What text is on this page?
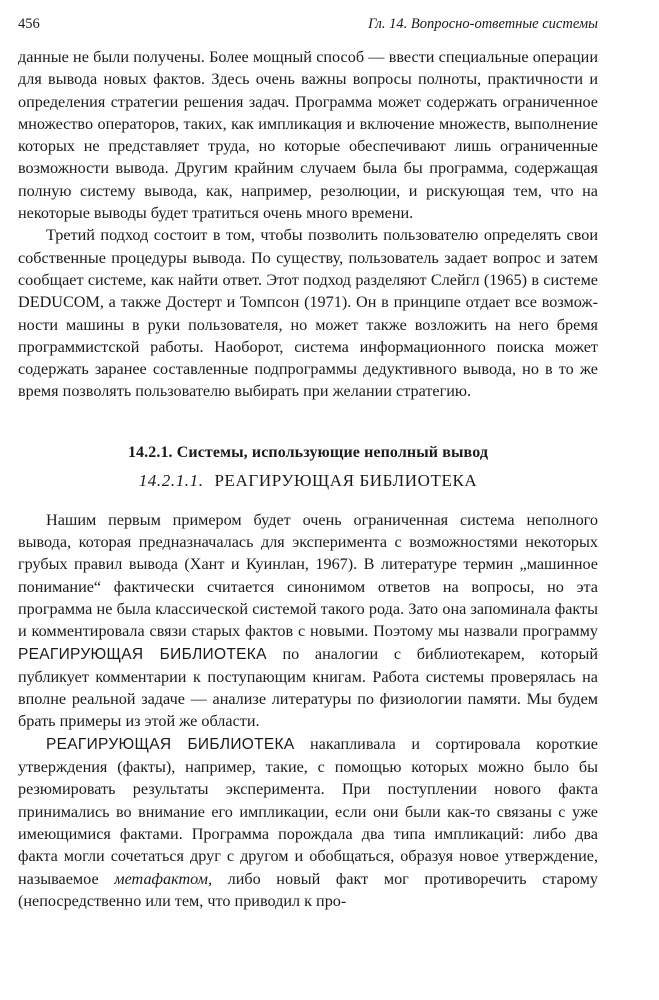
456	Гл. 14. Вопросно-ответные системы

данные не были получены. Более мощный способ — ввести специальные операции для вывода новых фактов. Здесь очень важны вопросы полноты, практичности и определения стратегии решения задач. Программа может содержать ограниченное множество операторов, таких, как импликация и включение множеств, выполнение которых не представляет труда, но которые обеспечивают лишь ограниченные возможности вывода. Другим крайним случаем была бы программа, содержащая полную систему вывода, как, например, резолюции, и рискующая тем, что на некоторые выводы будет тратиться очень много времени.

Третий подход состоит в том, чтобы позволить пользователю определять свои собственные процедуры вывода. По существу, пользователь задает вопрос и затем сообщает системе, как найти ответ. Этот подход разделяют Слейгл (1965) в системе DEDUCOM, а также Достерт и Томпсон (1971). Он в принципе отдает все возможности машины в руки пользователя, но может также возложить на него бремя программистской работы. Наоборот, система информационного поиска может содержать заранее составленные подпрограммы дедуктивного вывода, но в то же время позволять пользователю выбирать при желании стратегию.

14.2.1. Системы, использующие неполный вывод
14.2.1.1. РЕАГИРУЮЩАЯ БИБЛИОТЕКА

Нашим первым примером будет очень ограниченная система неполного вывода, которая предназначалась для эксперимента с возможностями некоторых грубых правил вывода (Хант и Куинлан, 1967). В литературе термин „машинное понимание“ фактически считается синонимом ответов на вопросы, но эта программа не была классической системой такого рода. Зато она запоминала факты и комментировала связи старых фактов с новыми. Поэтому мы назвали программу РЕАГИРУЮЩАЯ БИБЛИОТЕКА по аналогии с библиотекарем, который публикует комментарии к поступающим книгам. Работа системы проверялась на вполне реальной задаче — анализе литературы по физиологии памяти. Мы будем брать примеры из этой же области.

РЕАГИРУЮЩАЯ БИБЛИОТЕКА накапливала и сортировала короткие утверждения (факты), например, такие, с помощью которых можно было бы резюмировать результаты эксперимента. При поступлении нового факта принимались во внимание его импликации, если они были как-то связаны с уже имеющимися фактами. Программа порождала два типа импликаций: либо два факта могли сочетаться друг с другом и обобщаться, образуя новое утверждение, называемое метафактом, либо новый факт мог противоречить старому (непосредственно или тем, что приводил к про-
